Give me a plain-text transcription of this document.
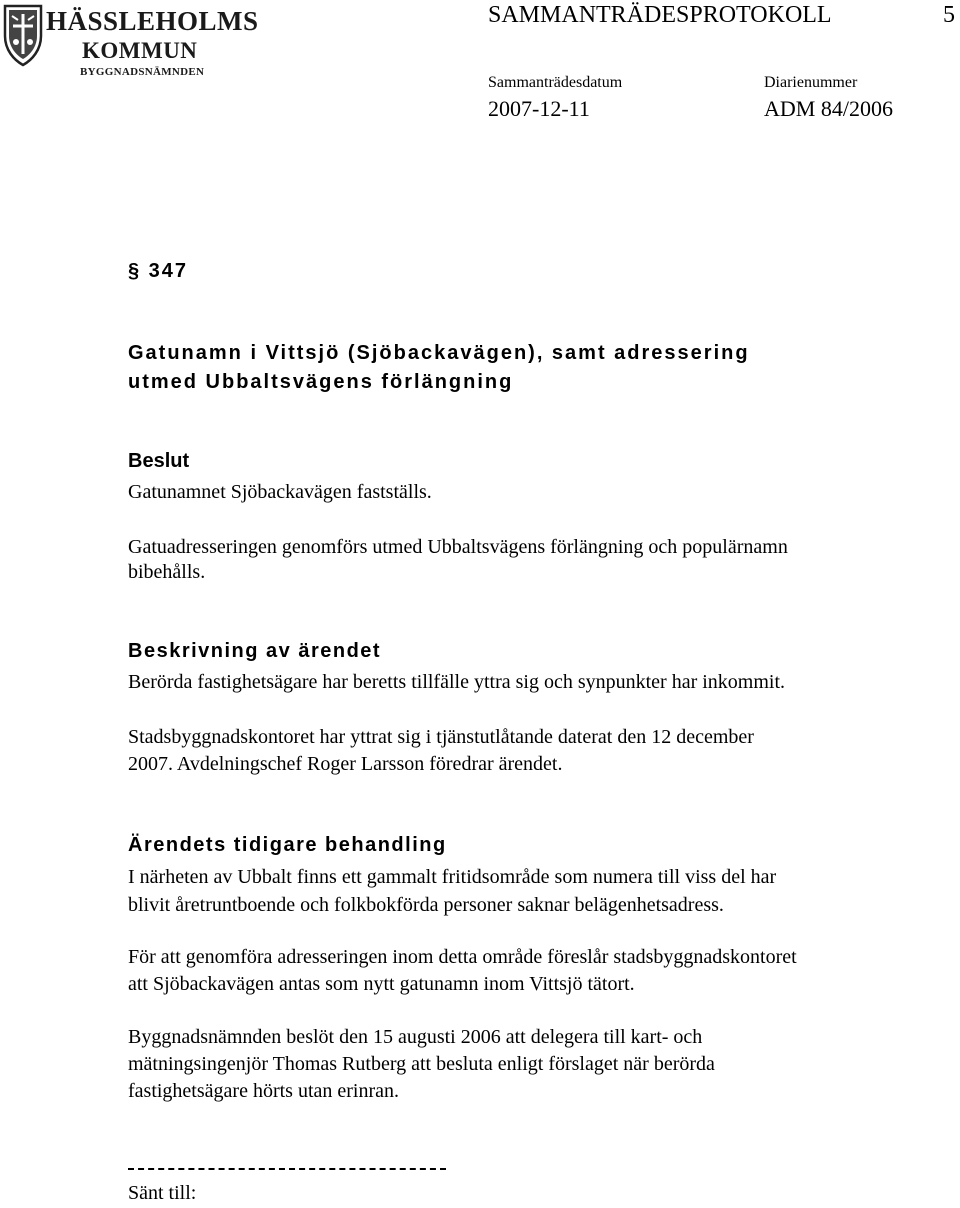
HÄSSLEHOLMS
KOMMUN
BYGGNADSNÄMNDEN
SAMMANTRÄDESPROTOKOLL	5
Sammanträdesdatum
2007-12-11
Diarienummer
ADM 84/2006
§ 347
Gatunamn i Vittsjö (Sjöbackavägen), samt adressering
utmed Ubbaltsvägens förlängning
Beslut
Gatunamnet Sjöbackavägen fastställs.
Gatuadresseringen genomförs utmed Ubbaltsvägens förlängning och populärnamn
bibehålls.
Beskrivning av ärendet
Berörda fastighetsägare har beretts tillfälle yttra sig och synpunkter har inkommit.
Stadsbyggnadskontoret har yttrat sig i tjänstutlåtande daterat den 12 december
2007. Avdelningschef Roger Larsson föredrar ärendet.
Ärendets tidigare behandling
I närheten av Ubbalt finns ett gammalt fritidsområde som numera till viss del har
blivit åretruntboende och folkbokförda personer saknar belägenhetsadress.
För att genomföra adresseringen inom detta område föreslår stadsbyggnadskontoret
att Sjöbackavägen antas som nytt gatunamn inom Vittsjö tätort.
Byggnadsnämnden beslöt den 15 augusti 2006 att delegera till kart- och
mätningsingenjör Thomas Rutberg att besluta enligt förslaget när berörda
fastighetsägare hörts utan erinran.
Sänt till:
